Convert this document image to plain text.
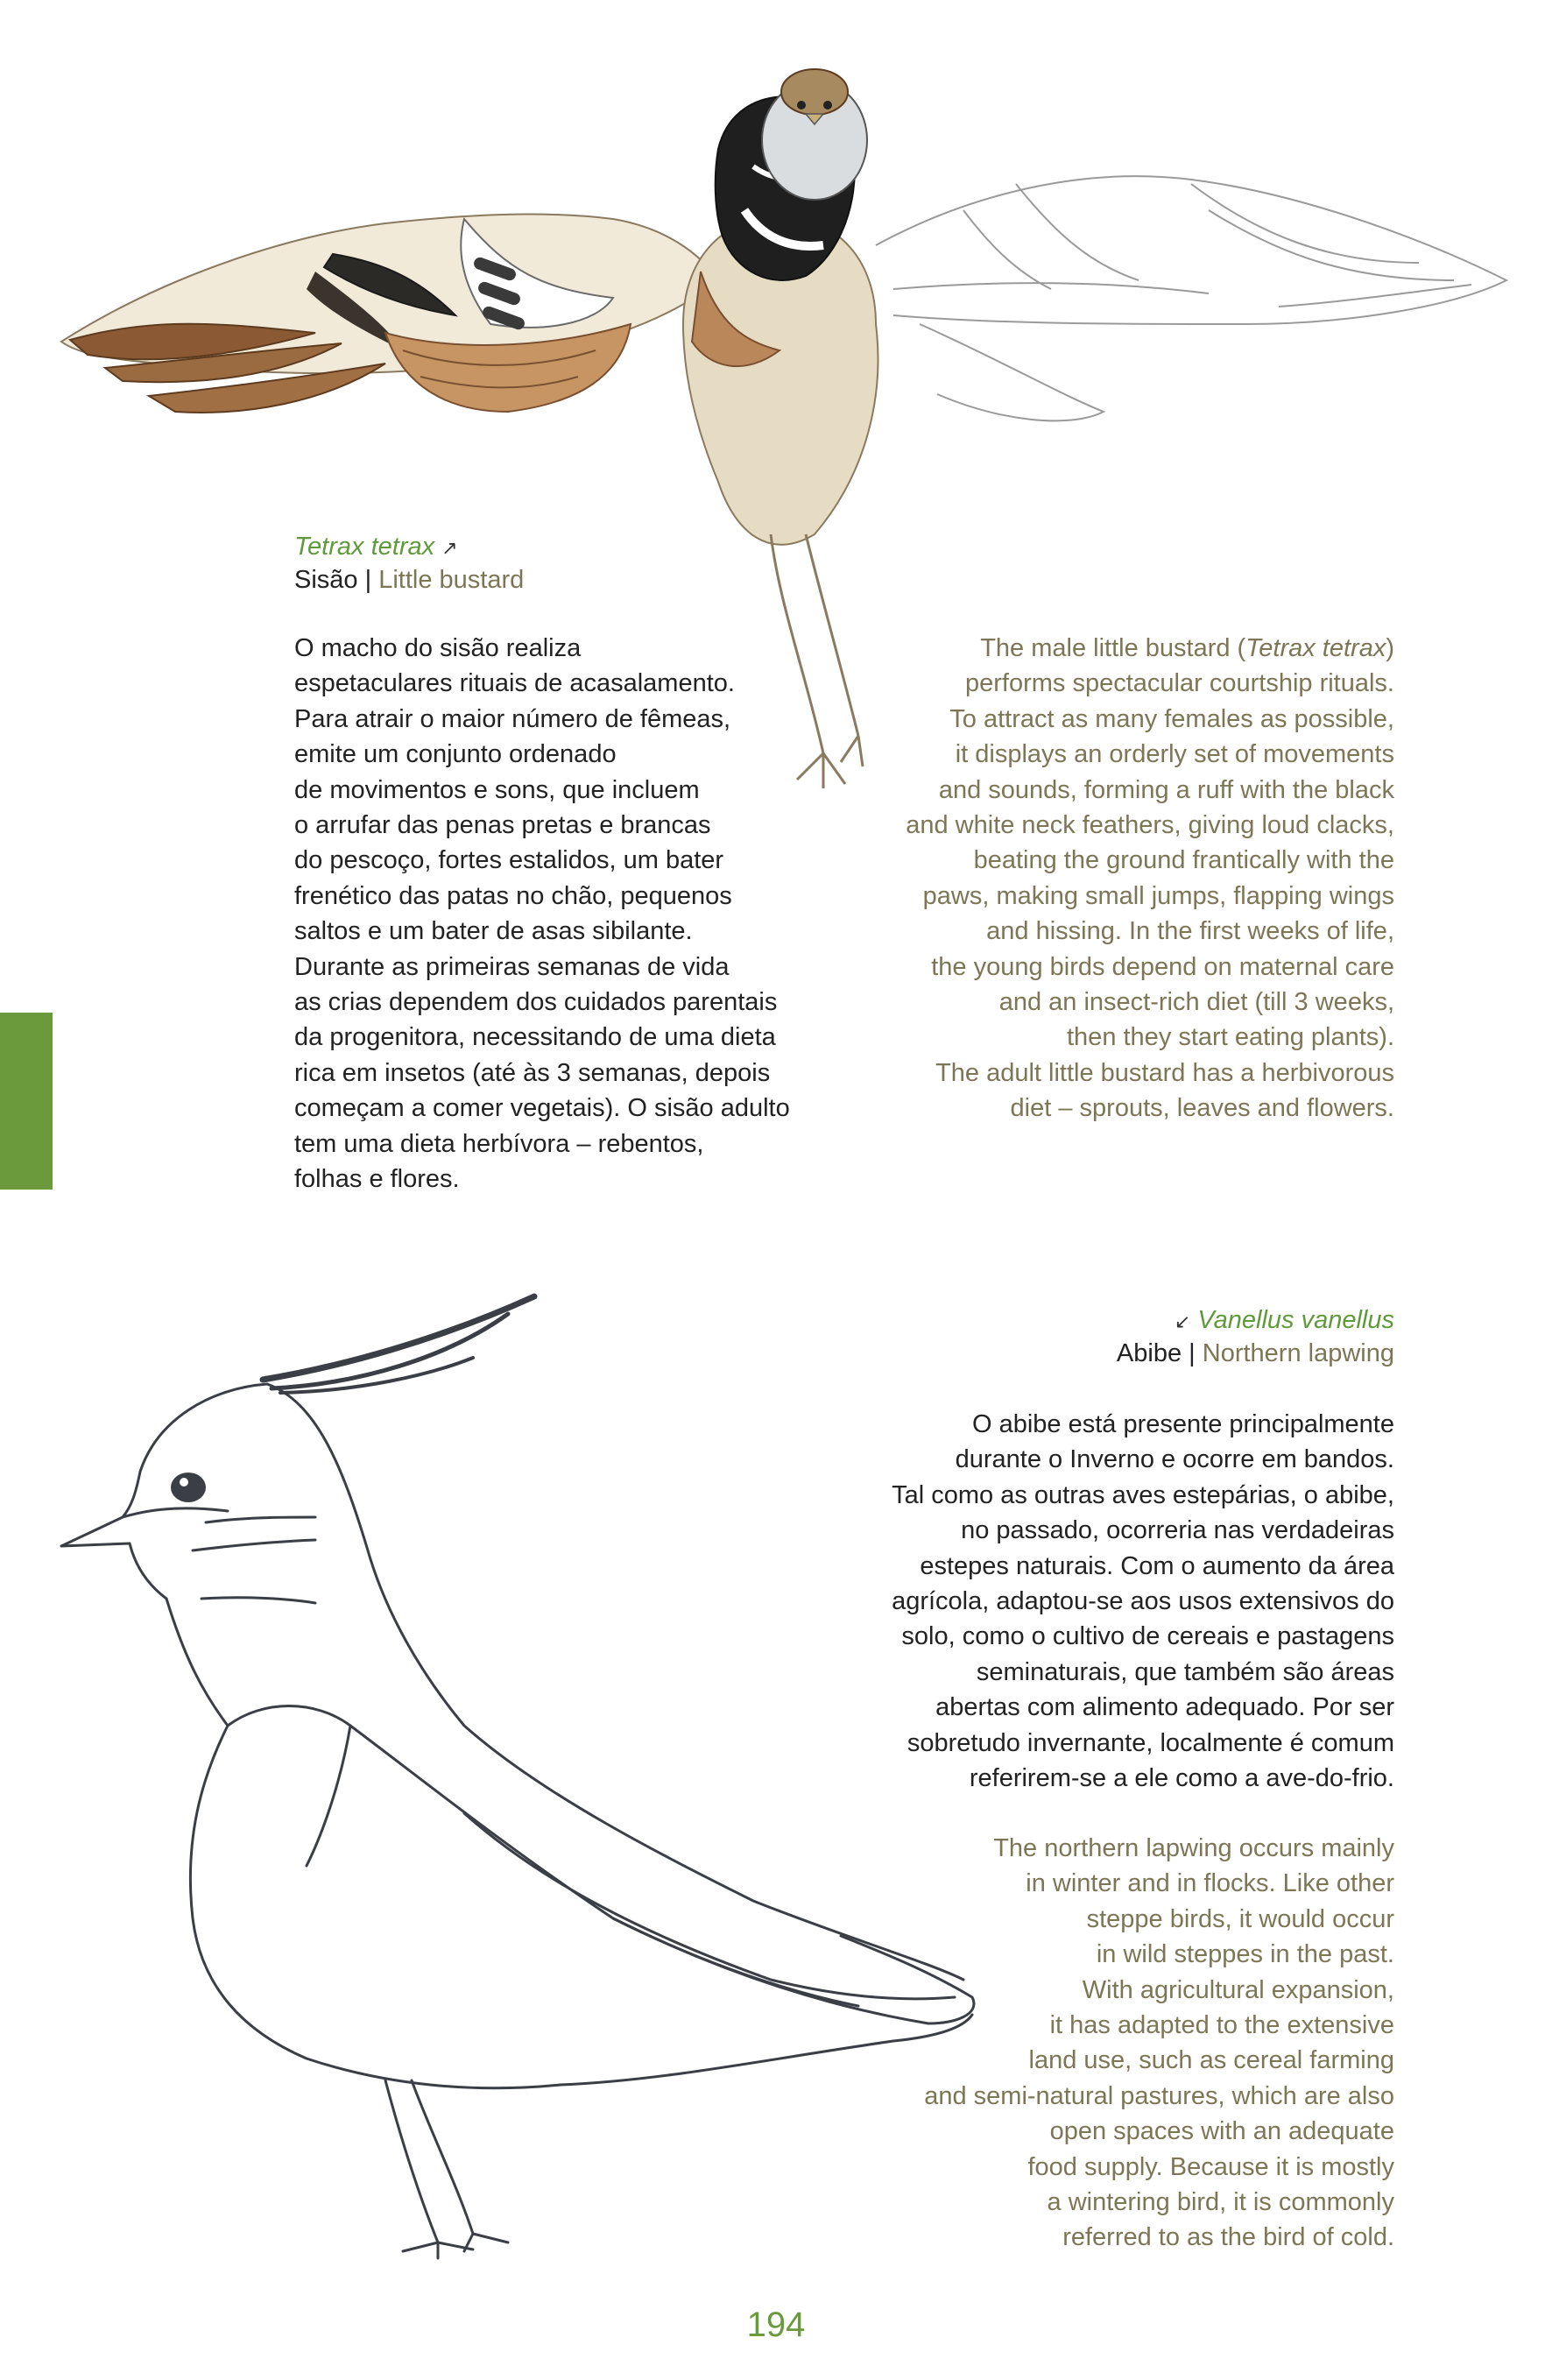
Tetrax tetrax ↗
Sisão | Little bustard
O macho do sisão realiza
espetaculares rituais de acasalamento.
Para atrair o maior número de fêmeas,
emite um conjunto ordenado
de movimentos e sons, que incluem
o arrufar das penas pretas e brancas
do pescoço, fortes estalidos, um bater
frenético das patas no chão, pequenos
saltos e um bater de asas sibilante.
Durante as primeiras semanas de vida
as crias dependem dos cuidados parentais
da progenitora, necessitando de uma dieta
rica em insetos (até às 3 semanas, depois
começam a comer vegetais). O sisão adulto
tem uma dieta herbívora – rebentos,
folhas e flores.
The male little bustard (Tetrax tetrax)
performs spectacular courtship rituals.
To attract as many females as possible,
it displays an orderly set of movements
and sounds, forming a ruff with the black
and white neck feathers, giving loud clacks,
beating the ground frantically with the
paws, making small jumps, flapping wings
and hissing. In the first weeks of life,
the young birds depend on maternal care
and an insect-rich diet (till 3 weeks,
then they start eating plants).
The adult little bustard has a herbivorous
diet – sprouts, leaves and flowers.
↙ Vanellus vanellus
Abibe | Northern lapwing
O abibe está presente principalmente
durante o Inverno e ocorre em bandos.
Tal como as outras aves estepárias, o abibe,
no passado, ocorreria nas verdadeiras
estepes naturais. Com o aumento da área
agrícola, adaptou-se aos usos extensivos do
solo, como o cultivo de cereais e pastagens
seminaturais, que também são áreas
abertas com alimento adequado. Por ser
sobretudo invernante, localmente é comum
referirem-se a ele como a ave-do-frio.
The northern lapwing occurs mainly
in winter and in flocks. Like other
steppe birds, it would occur
in wild steppes in the past.
With agricultural expansion,
it has adapted to the extensive
land use, such as cereal farming
and semi-natural pastures, which are also
open spaces with an adequate
food supply. Because it is mostly
a wintering bird, it is commonly
referred to as the bird of cold.
194
